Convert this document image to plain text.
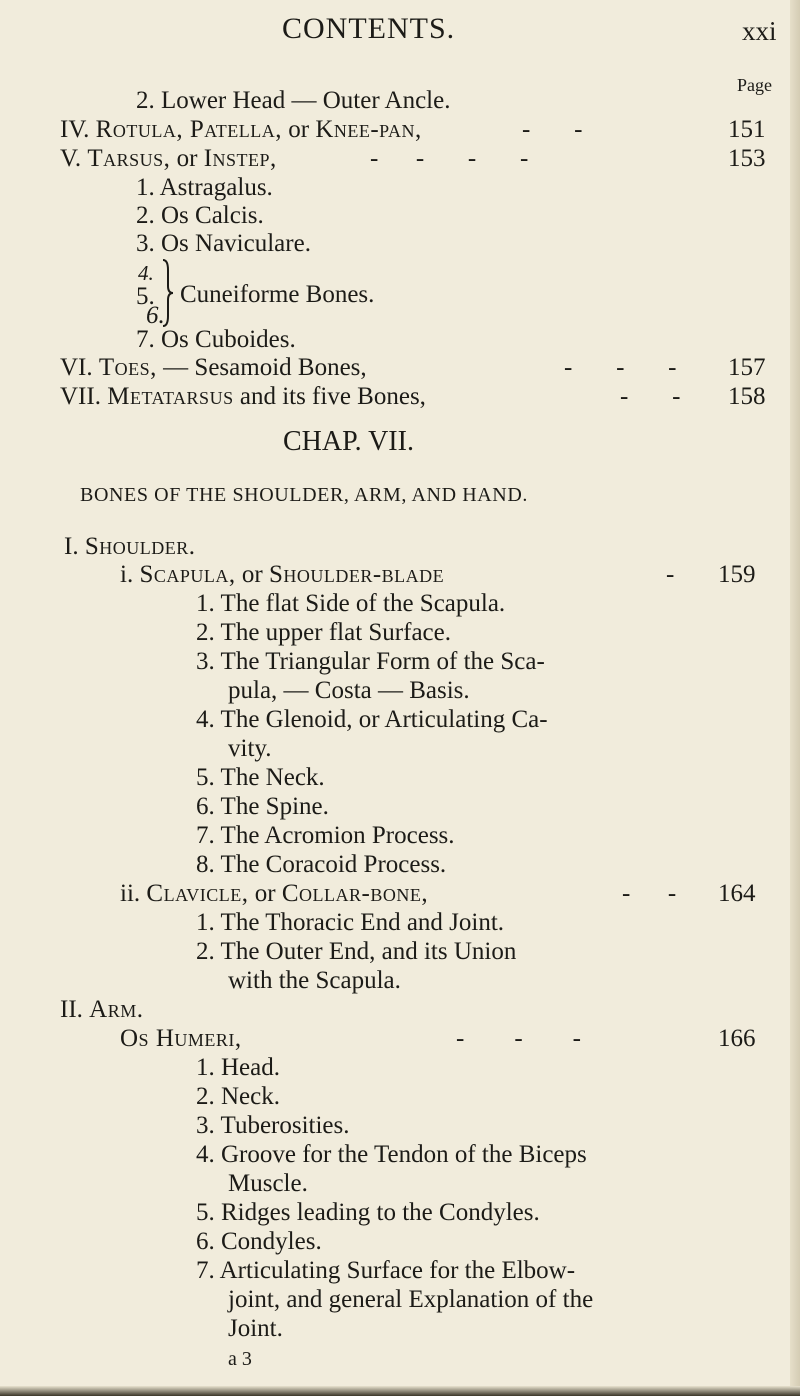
CONTENTS.	xxi
Page
2. Lower Head — Outer Ancle.
IV. Rotula, Patella, or Knee-pan,	-       -	151
V. Tarsus, or Instep,	-      -       -       -	153
1. Astragalus.
2. Os Calcis.
3. Os Naviculare.
4.
5.
6.
Cuneiforme Bones.
7. Os Cuboides.
VI. Toes, — Sesamoid Bones,	-       -       - 157
VII. Metatarsus and its five Bones,	-       - 158
CHAP. VII.
BONES OF THE SHOULDER, ARM, AND HAND.
I. Shoulder.
i. Scapula, or Shoulder-blade	- 159
1. The flat Side of the Scapula.
2. The upper flat Surface.
3. The Triangular Form of the Sca-
pula, — Costa — Basis.
4. The Glenoid, or Articulating Ca-
vity.
5. The Neck.
6. The Spine.
7. The Acromion Process.
8. The Coracoid Process.
ii. Clavicle, or Collar-bone,	-      - 164
1. The Thoracic End and Joint.
2. The Outer End, and its Union
with the Scapula.
II. Arm.
Os Humeri,	-        -        -	166
1. Head.
2. Neck.
3. Tuberosities.
4. Groove for the Tendon of the Biceps
Muscle.
5. Ridges leading to the Condyles.
6. Condyles.
7. Articulating Surface for the Elbow-
joint, and general Explanation of the
Joint.
a 3
